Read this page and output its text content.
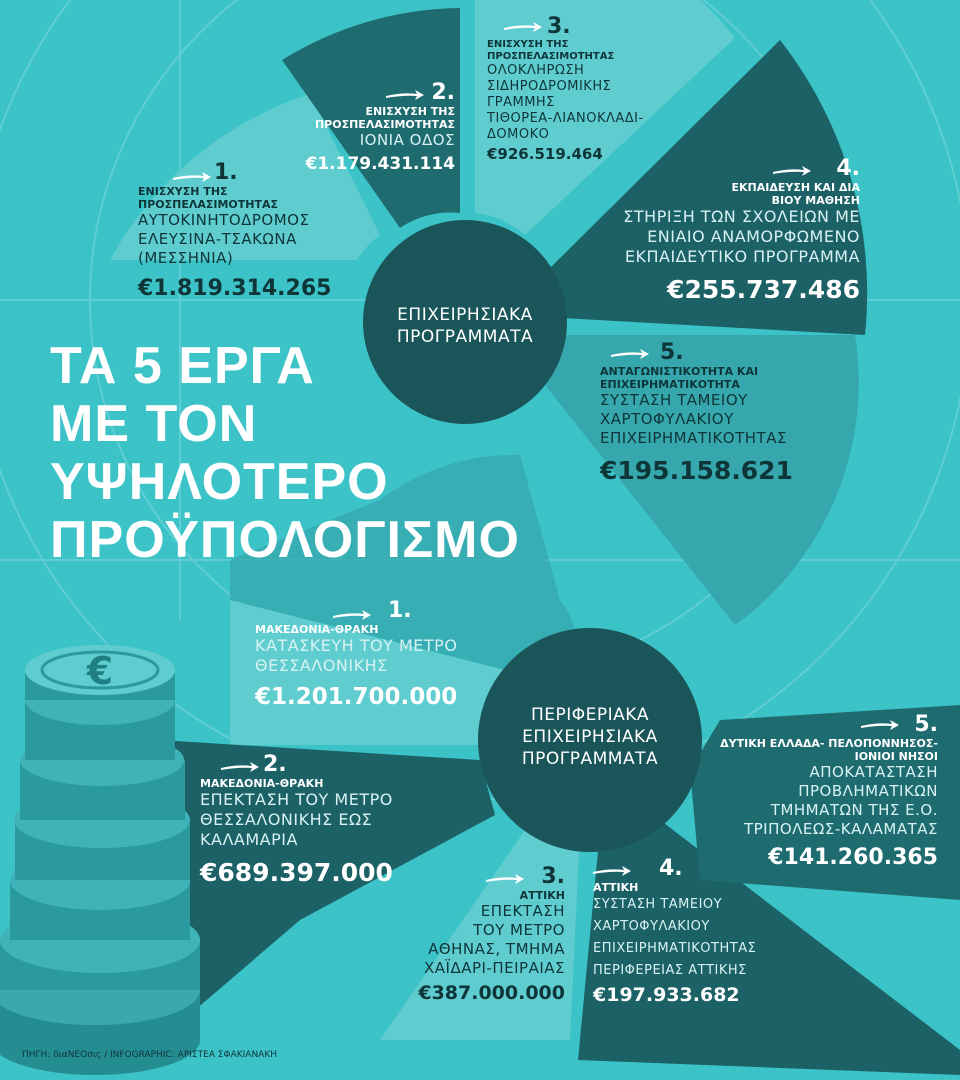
€
ΤΑ 5 ΕΡΓΑ
ΜΕ ΤΟΝ
ΥΨΗΛΟΤΕΡΟ
ΠΡΟΫΠΟΛΟΓΙΣΜΟ
ΕΠΙΧΕΙΡΗΣΙΑΚΑ
ΠΡΟΓΡΑΜΜΑΤΑ
ΠΕΡΙΦΕΡΙΑΚΑ
ΕΠΙΧΕΙΡΗΣΙΑΚΑ
ΠΡΟΓΡΑΜΜΑΤΑ
1.
ΕΝΙΣΧΥΣΗ ΤΗΣ ΠΡΟΣΠΕΛΑΣΙΜΟΤΗΤΑΣ
ΑΥΤΟΚΙΝΗΤΟΔΡΟΜΟΣ
ΕΛΕΥΣΙΝΑ-ΤΣΑΚΩΝΑ
(ΜΕΣΣΗΝΙΑ)
€1.819.314.265
2.
ΕΝΙΣΧΥΣΗ ΤΗΣ ΠΡΟΣΠΕΛΑΣΙΜΟΤΗΤΑΣ
ΙΟΝΙΑ ΟΔΟΣ
€1.179.431.114
3.
ΕΝΙΣΧΥΣΗ ΤΗΣ ΠΡΟΣΠΕΛΑΣΙΜΟΤΗΤΑΣ
ΟΛΟΚΛΗΡΩΣΗ
ΣΙΔΗΡΟΔΡΟΜΙΚΗΣ
ΓΡΑΜΜΗΣ
ΤΙΘΟΡΕΑ-ΛΙΑΝΟΚΛΑΔΙ-
ΔΟΜΟΚΟ
€926.519.464
4.
ΕΚΠΑΙΔΕΥΣΗ ΚΑΙ ΔΙΑ ΒΙΟΥ ΜΑΘΗΣΗ
ΣΤΗΡΙΞΗ ΤΩΝ ΣΧΟΛΕΙΩΝ ΜΕ
ΕΝΙΑΙΟ ΑΝΑΜΟΡΦΩΜΕΝΟ
ΕΚΠΑΙΔΕΥΤΙΚΟ ΠΡΟΓΡΑΜΜΑ
€255.737.486
5.
ΑΝΤΑΓΩΝΙΣΤΙΚΟΤΗΤΑ ΚΑΙ ΕΠΙΧΕΙΡΗΜΑΤΙΚΟΤΗΤΑ
ΣΥΣΤΑΣΗ ΤΑΜΕΙΟΥ
ΧΑΡΤΟΦΥΛΑΚΙΟΥ
ΕΠΙΧΕΙΡΗΜΑΤΙΚΟΤΗΤΑΣ
€195.158.621
1.
ΜΑΚΕΔΟΝΙΑ-ΘΡΑΚΗ
ΚΑΤΑΣΚΕΥΗ ΤΟΥ ΜΕΤΡΟ
ΘΕΣΣΑΛΟΝΙΚΗΣ
€1.201.700.000
2.
ΜΑΚΕΔΟΝΙΑ-ΘΡΑΚΗ
ΕΠΕΚΤΑΣΗ ΤΟΥ ΜΕΤΡΟ
ΘΕΣΣΑΛΟΝΙΚΗΣ ΕΩΣ
ΚΑΛΑΜΑΡΙΑ
€689.397.000	3.
ΑΤΤΙΚΗ
ΕΠΕΚΤΑΣΗ
ΤΟΥ ΜΕΤΡΟ
ΑΘΗΝΑΣ, ΤΜΗΜΑ
ΧΑΪΔΑΡΙ-ΠΕΙΡΑΙΑΣ
€387.000.000
4.
ΑΤΤΙΚΗ
ΣΥΣΤΑΣΗ ΤΑΜΕΙΟΥ
ΧΑΡΤΟΦΥΛΑΚΙΟΥ
ΕΠΙΧΕΙΡΗΜΑΤΙΚΟΤΗΤΑΣ
ΠΕΡΙΦΕΡΕΙΑΣ ΑΤΤΙΚΗΣ
€197.933.682
5.
ΔΥΤΙΚΗ ΕΛΛΑΔΑ- ΠΕΛΟΠΟΝΝΗΣΟΣ-ΙΟΝΙΟΙ ΝΗΣΟΙ
ΑΠΟΚΑΤΑΣΤΑΣΗ
ΠΡΟΒΛΗΜΑΤΙΚΩΝ
ΤΜΗΜΑΤΩΝ ΤΗΣ Ε.Ο.
ΤΡΙΠΟΛΕΩΣ-ΚΑΛΑΜΑΤΑΣ
€141.260.365
ΠΗΓΗ: διαΝΕΟσις / INFOGRAPHIC: ΑΡΙΣΤΕΑ ΣΦΑΚΙΑΝΑΚΗ
